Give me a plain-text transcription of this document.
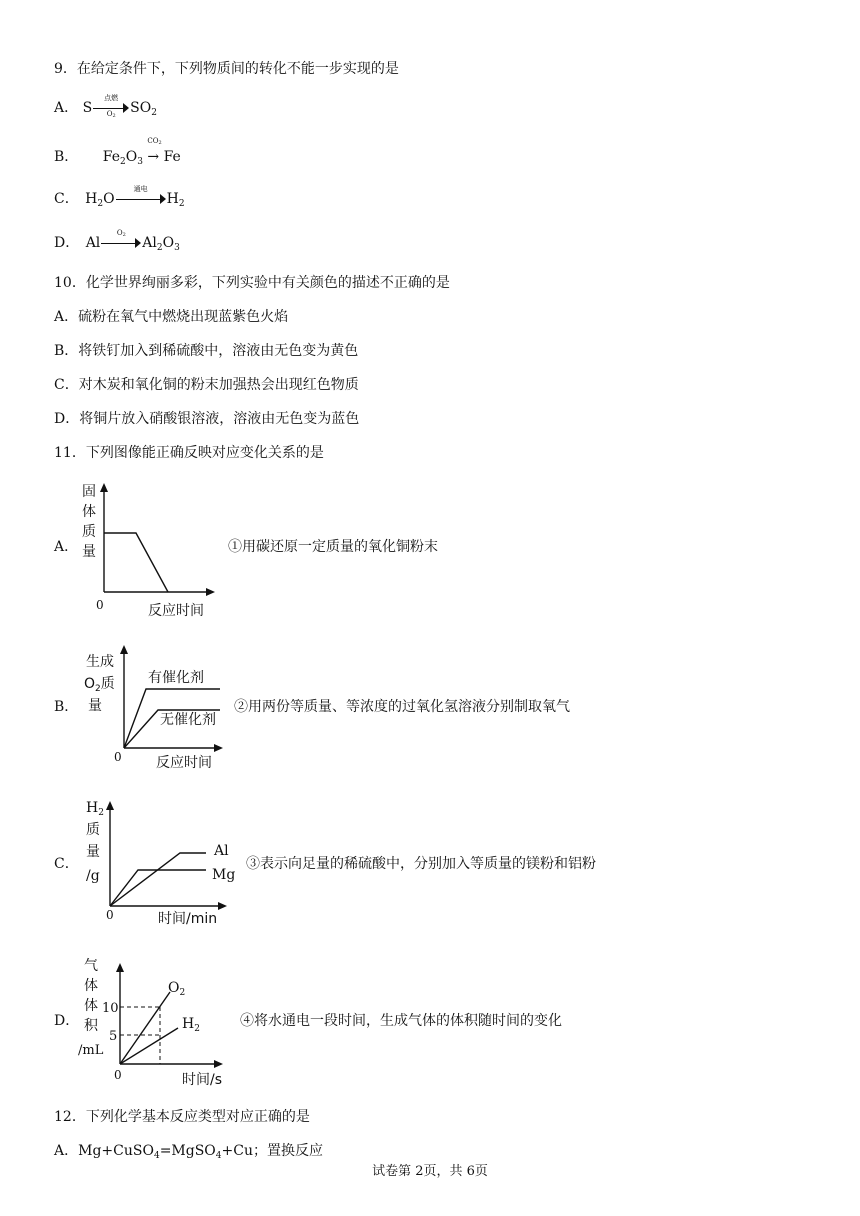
9．在给定条件下，下列物质间的转化不能一步实现的是
A． S
点燃
$O_2$	$SO_2$
B． $Fe_2O_3$
$CO_2$
→ Fe
C． $H_2O$
通电
$H_2$
D． Al
$O_2$	$Al_2O_3$
10．化学世界绚丽多彩，下列实验中有关颜色的描述不正确的是
A．硫粉在氧气中燃烧出现蓝紫色火焰
B．将铁钉加入到稀硫酸中，溶液由无色变为黄色
C．对木炭和氧化铜的粉末加强热会出现红色物质
D．将铜片放入硝酸银溶液，溶液由无色变为蓝色
11．下列图像能正确反映对应变化关系的是
A．
固
体
质
量
0	反应时间
①用碳还原一定质量的氧化铜粉末
B．
生成
$O_2$质
量
有催化剂
无催化剂
0 反应时间
②用两份等质量、等浓度的过氧化氢溶液分别制取氧气
C．
$H_2$
质
量
/g
Al
Mg
0	时间/min
③表示向足量的稀硫酸中，分别加入等质量的镁粉和铝粉
D．
气
体
体
积
/mL
10
5
$O_2$
$H_2$
0	时间/s
④将水通电一段时间，生成气体的体积随时间的变化
12．下列化学基本反应类型对应正确的是
A．Mg+CuSO$_4$=MgSO$_4$+Cu；置换反应
试卷第 2页，共 6页
